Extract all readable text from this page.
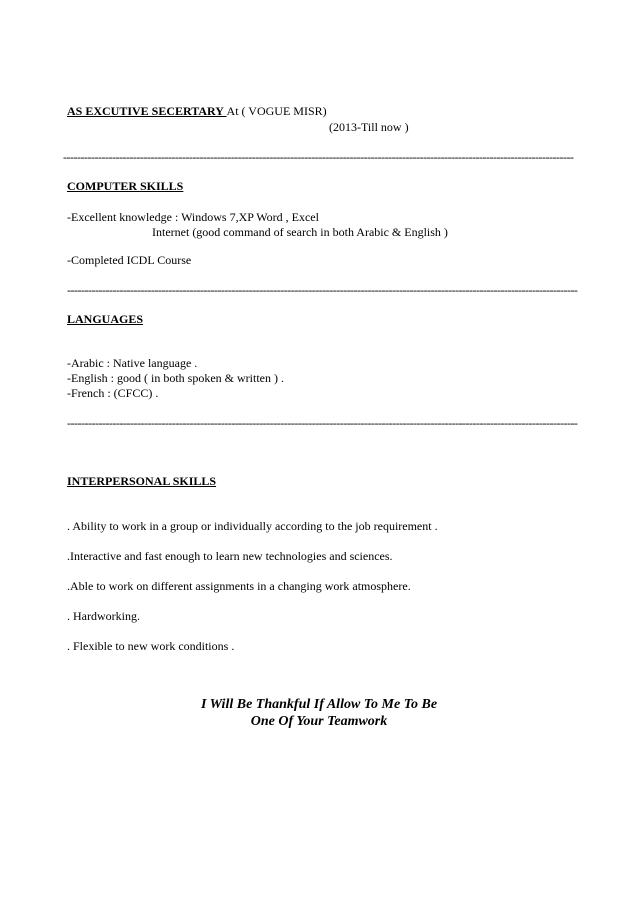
AS EXCUTIVE SECERTARY At ( VOGUE MISR)
(2013-Till now )
--------------------------------------------------------------------------------------------------------------------------------------------------
COMPUTER SKILLS
-Excellent knowledge : Windows 7,XP Word , Excel
Internet (good command of search in both Arabic & English )
-Completed ICDL Course
--------------------------------------------------------------------------------------------------------------------------------------------------
LANGUAGES
-Arabic : Native language .
-English : good ( in both spoken & written ) .
-French : (CFCC) .
--------------------------------------------------------------------------------------------------------------------------------------------------
INTERPERSONAL SKILLS
. Ability to work in a group or individually according to the job requirement .
.Interactive and fast enough to learn new technologies and sciences.
.Able to work on different assignments in a changing work atmosphere.
. Hardworking.
. Flexible to new work conditions .
I Will Be Thankful If Allow To Me To Be
One Of Your Teamwork
